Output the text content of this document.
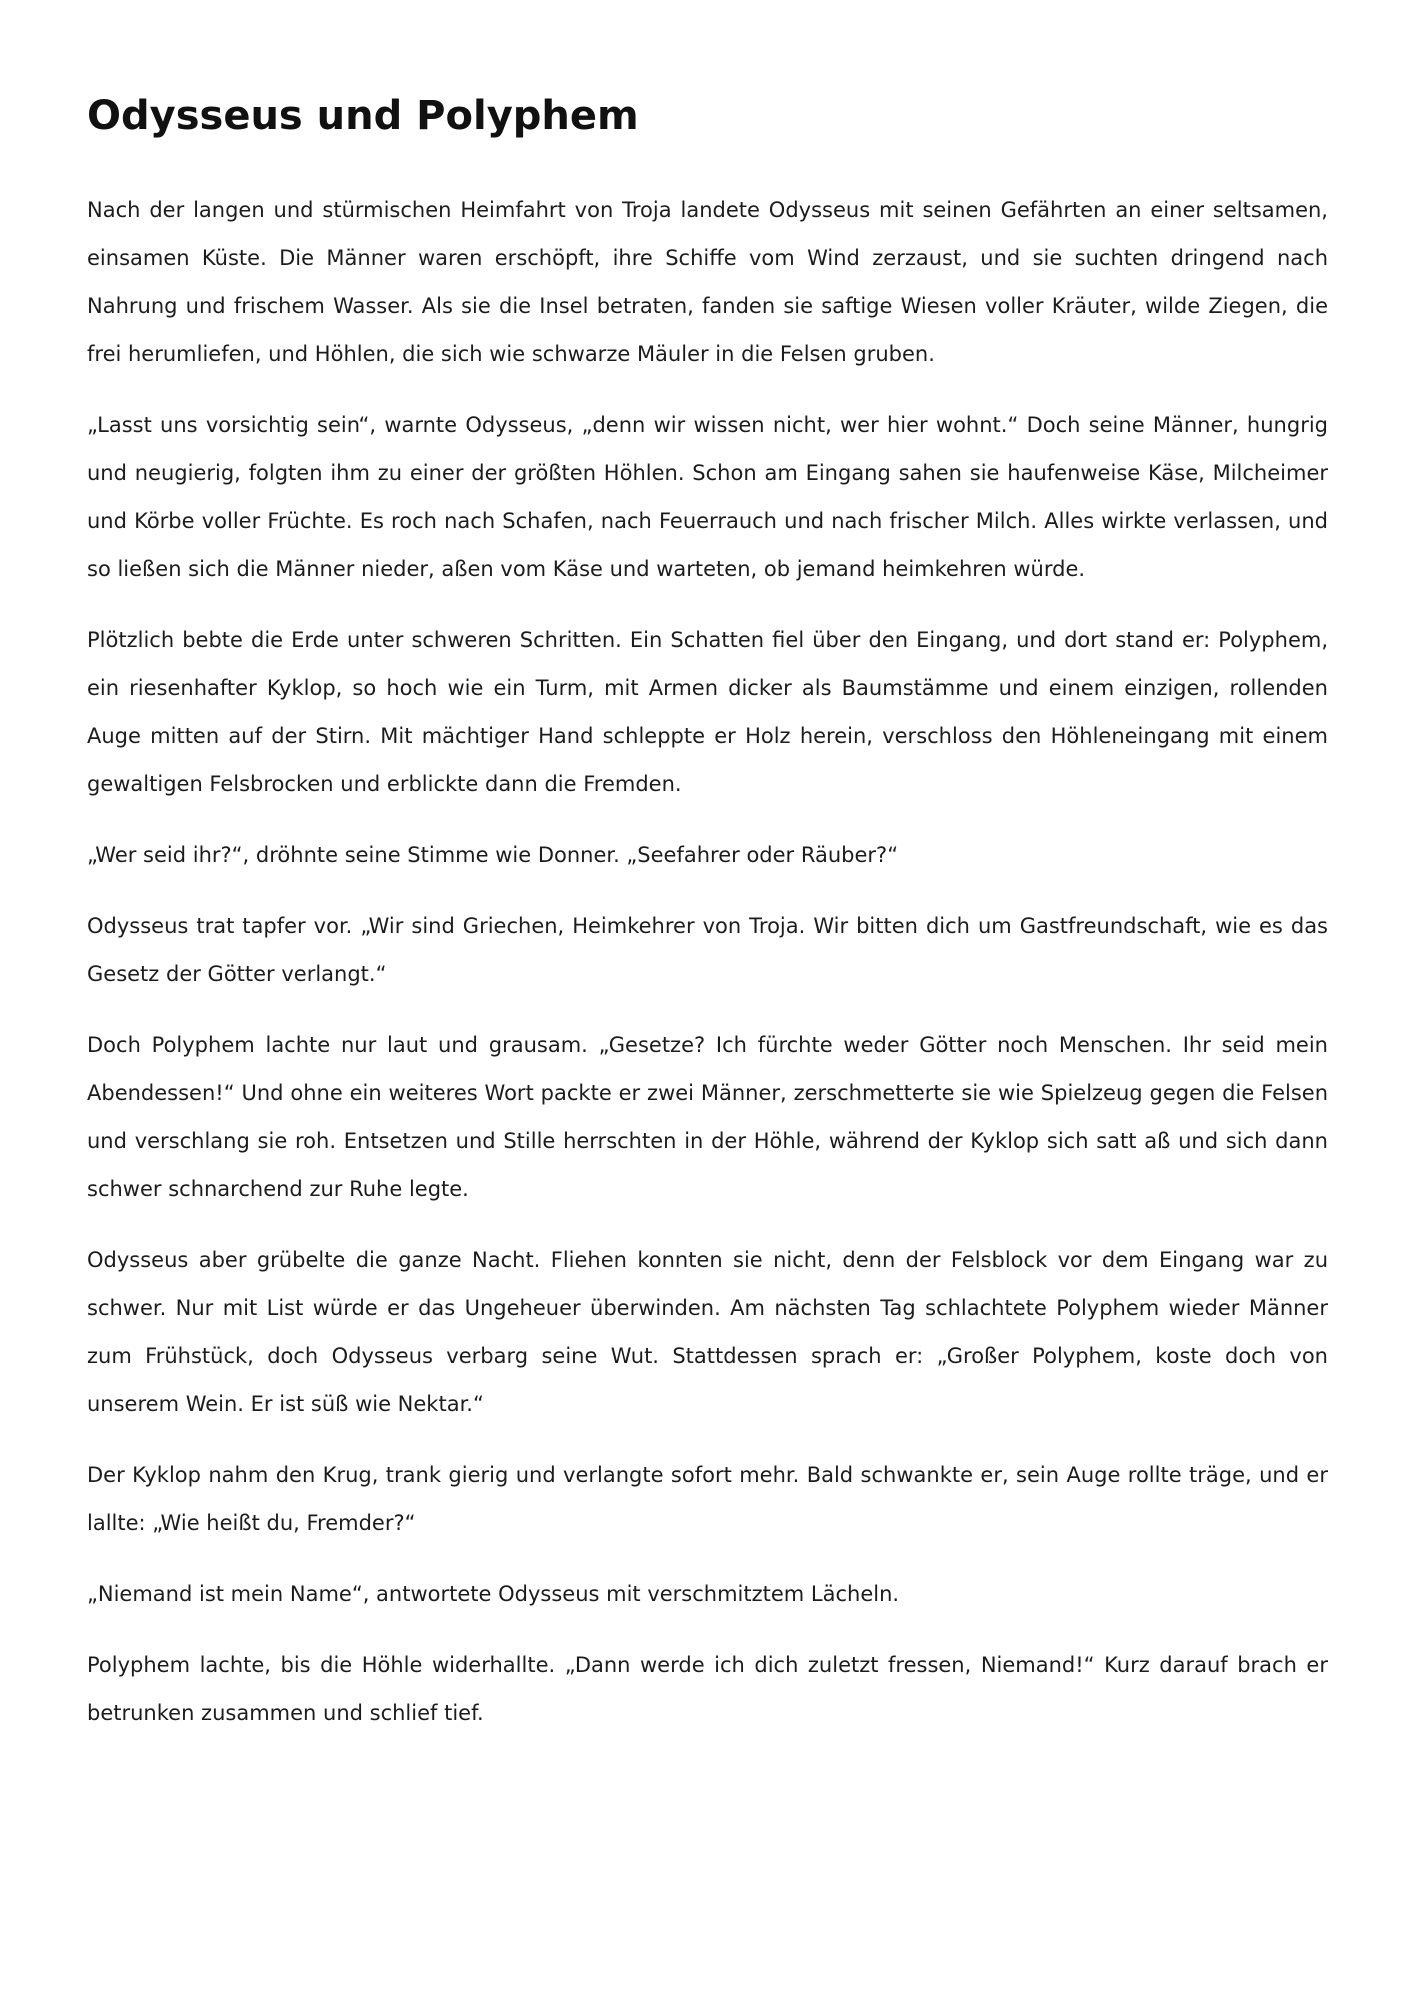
Odysseus und Polyphem

Nach der langen und stürmischen Heimfahrt von Troja landete Odysseus mit seinen Gefährten an einer seltsamen, einsamen Küste. Die Männer waren erschöpft, ihre Schiffe vom Wind zerzaust, und sie suchten dringend nach Nahrung und frischem Wasser. Als sie die Insel betraten, fanden sie saftige Wiesen voller Kräuter, wilde Ziegen, die frei herumliefen, und Höhlen, die sich wie schwarze Mäuler in die Felsen gruben.

„Lasst uns vorsichtig sein“, warnte Odysseus, „denn wir wissen nicht, wer hier wohnt.“ Doch seine Männer, hungrig und neugierig, folgten ihm zu einer der größten Höhlen. Schon am Eingang sahen sie haufenweise Käse, Milcheimer und Körbe voller Früchte. Es roch nach Schafen, nach Feuerrauch und nach frischer Milch. Alles wirkte verlassen, und so ließen sich die Männer nieder, aßen vom Käse und warteten, ob jemand heimkehren würde.

Plötzlich bebte die Erde unter schweren Schritten. Ein Schatten fiel über den Eingang, und dort stand er: Polyphem, ein riesenhafter Kyklop, so hoch wie ein Turm, mit Armen dicker als Baumstämme und einem einzigen, rollenden Auge mitten auf der Stirn. Mit mächtiger Hand schleppte er Holz herein, verschloss den Höhleneingang mit einem gewaltigen Felsbrocken und erblickte dann die Fremden.

„Wer seid ihr?“, dröhnte seine Stimme wie Donner. „Seefahrer oder Räuber?“

Odysseus trat tapfer vor. „Wir sind Griechen, Heimkehrer von Troja. Wir bitten dich um Gastfreundschaft, wie es das Gesetz der Götter verlangt.“

Doch Polyphem lachte nur laut und grausam. „Gesetze? Ich fürchte weder Götter noch Menschen. Ihr seid mein Abendessen!“ Und ohne ein weiteres Wort packte er zwei Männer, zerschmetterte sie wie Spielzeug gegen die Felsen und verschlang sie roh. Entsetzen und Stille herrschten in der Höhle, während der Kyklop sich satt aß und sich dann schwer schnarchend zur Ruhe legte.

Odysseus aber grübelte die ganze Nacht. Fliehen konnten sie nicht, denn der Felsblock vor dem Eingang war zu schwer. Nur mit List würde er das Ungeheuer überwinden. Am nächsten Tag schlachtete Polyphem wieder Männer zum Frühstück, doch Odysseus verbarg seine Wut. Stattdessen sprach er: „Großer Polyphem, koste doch von unserem Wein. Er ist süß wie Nektar.“

Der Kyklop nahm den Krug, trank gierig und verlangte sofort mehr. Bald schwankte er, sein Auge rollte träge, und er lallte: „Wie heißt du, Fremder?“

„Niemand ist mein Name“, antwortete Odysseus mit verschmitztem Lächeln.

Polyphem lachte, bis die Höhle widerhallte. „Dann werde ich dich zuletzt fressen, Niemand!“ Kurz darauf brach er betrunken zusammen und schlief tief.
